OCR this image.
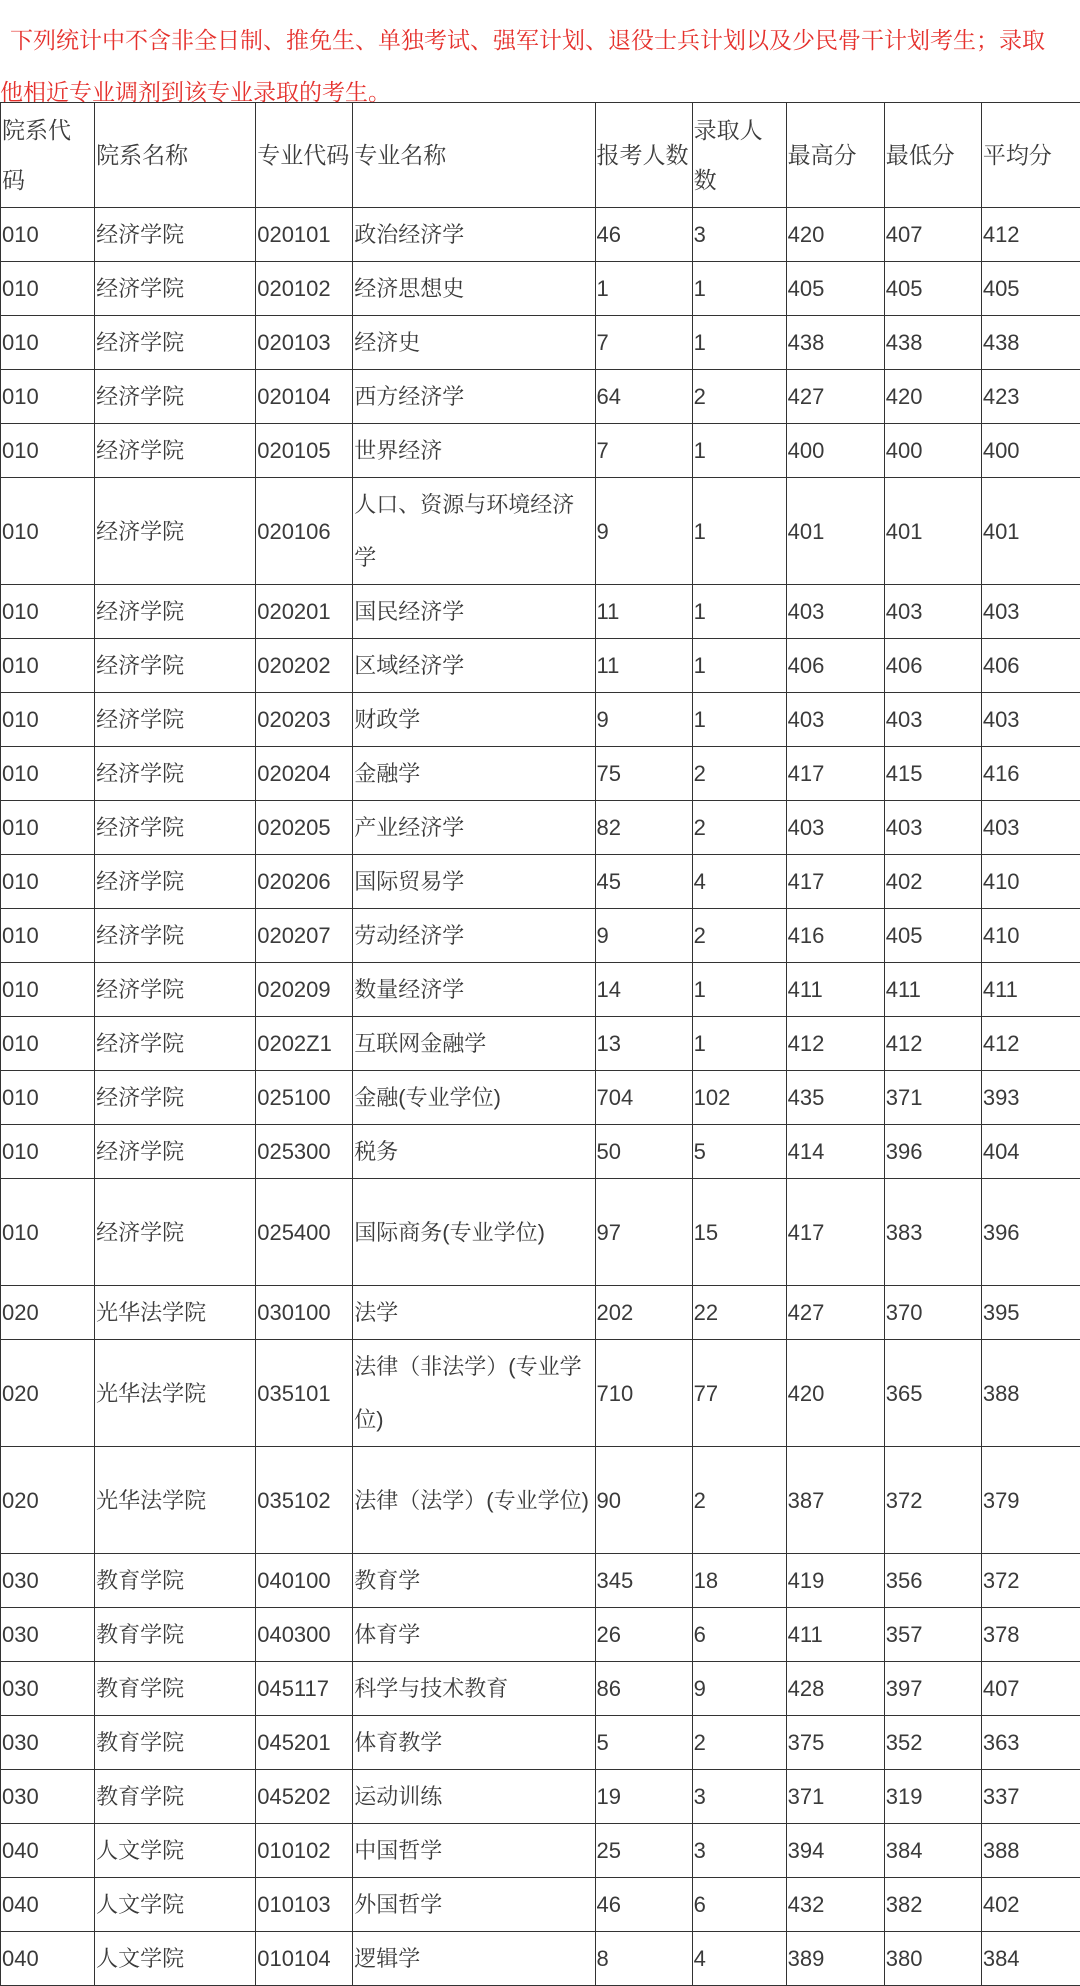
下列统计中不含非全日制、推免生、单独考试、强军计划、退役士兵计划以及少民骨干计划考生；录取
他相近专业调剂到该专业录取的考生。
院系代码	院系名称	专业代码	专业名称	报考人数	录取人数	最高分	最低分	平均分
010	经济学院	020101	政治经济学	46	3	420	407	412
010	经济学院	020102	经济思想史	1	1	405	405	405
010	经济学院	020103	经济史	7	1	438	438	438
010	经济学院	020104	西方经济学	64	2	427	420	423
010	经济学院	020105	世界经济	7	1	400	400	400
010	经济学院	020106	人口、资源与环境经济学	9	1	401	401	401
010	经济学院	020201	国民经济学	11	1	403	403	403
010	经济学院	020202	区域经济学	11	1	406	406	406
010	经济学院	020203	财政学	9	1	403	403	403
010	经济学院	020204	金融学	75	2	417	415	416
010	经济学院	020205	产业经济学	82	2	403	403	403
010	经济学院	020206	国际贸易学	45	4	417	402	410
010	经济学院	020207	劳动经济学	9	2	416	405	410
010	经济学院	020209	数量经济学	14	1	411	411	411
010	经济学院	0202Z1	互联网金融学	13	1	412	412	412
010	经济学院	025100	金融(专业学位)	704	102	435	371	393
010	经济学院	025300	税务	50	5	414	396	404
010	经济学院	025400	国际商务(专业学位)	97	15	417	383	396
020	光华法学院	030100	法学	202	22	427	370	395
020	光华法学院	035101	法律（非法学）(专业学位)	710	77	420	365	388
020	光华法学院	035102	法律（法学）(专业学位)	90	2	387	372	379
030	教育学院	040100	教育学	345	18	419	356	372
030	教育学院	040300	体育学	26	6	411	357	378
030	教育学院	045117	科学与技术教育	86	9	428	397	407
030	教育学院	045201	体育教学	5	2	375	352	363
030	教育学院	045202	运动训练	19	3	371	319	337
040	人文学院	010102	中国哲学	25	3	394	384	388
040	人文学院	010103	外国哲学	46	6	432	382	402
040	人文学院	010104	逻辑学	8	4	389	380	384
